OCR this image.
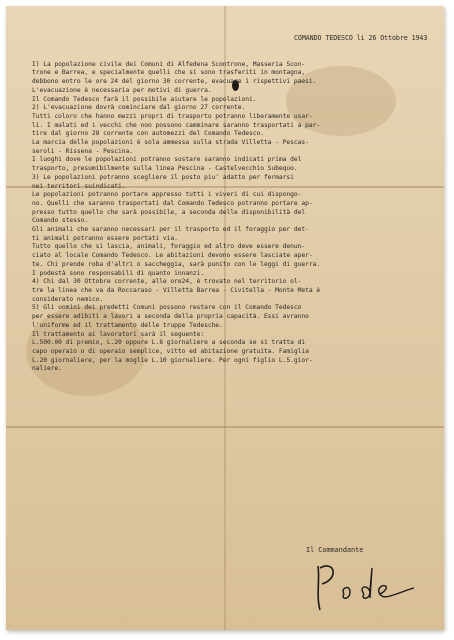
COMANDO TEDESCO li 26 Ottobre 1943
I) La popolazione civile dei Comuni di Alfedena Scontrone, Masseria Scon-
trone e Barrea, e specialmente quelli che si sono trasferiti in montagna,
debbono entro le ore 24 del giorno 30 corrente, evacuare i rispettivi paesi.
L'evacuazione è necessaria per motivi di guerra.
Il Comando Tedesco farà il possibile aiutare le popolazioni.
2) L'evacuazione dovrà cominciare dal giorno 27 corrente.
Tutti coloro che hanno mezzi propri di trasporto potranno liberamente usar-
li. I malati ed i vecchi che non possono camminare saranno trasportati a par-
tire dal giorno 28 corrente con automezzi del Comando Tedesco.
La marcia delle popolazioni è sola ammessa sulla strada Villetta - Pescas-
seroli - Rissena - Pescina.
I luoghi dove le popolazioni potranno sostare saranno indicati prima del
trasporto, presumibilmente sulla linea Pescina - Castelvecchio Subequo.
3) Le popolazioni potranno scegliere il posto piu' adatto per fermarsi
nei territori suindicati.
Le popolazioni potranno portare appresso tutti i viveri di cui dispongo-
no. Quelli che saranno trasportati dal Comando Tedesco potranno portare ap-
presso tutto quello che sarà possibile, a seconda delle disponibilità del
Comando stesso.
Gli animali che saranno necessari per il trasporto ed il foraggio per det-
ti animali potranno essere portati via.
Tutto quello che si lascia, animali, foraggio ed altro deve essere denun-
ciato al locale Comando Tedesco. Le abitazioni devono essere lasciate aper-
te. Chi prende roba d'altri o saccheggia, sarà punito con le leggi di guerra.
I podestà sono responsabili di quanto innanzi.
4) Chi dal 30 Ottobre corrente, alle ore24, è trovato nel territorio ol-
tre la linea che va da Roccaraso - Villetta Barrea - Civitella - Monte Meta è
considerato nemico.
5) Gli uomini dei predetti Comuni possono restare con il Comando Tedesco
per essere adibiti a lavori a seconda della propria capacità. Essi avranno
l'uniforme ed il trattamento delle truppe Tedesche.
Il trattamento ai lavoratori sarà il seguente:
L.500.00 di premio, L.20 oppure L.8 giornaliere a seconda se si tratta di
capo operaio o di operaio semplice, vitto ed abitazione gratuita. Famiglia
L.20 giornaliere, per la moglie L.10 giornaliere. Per ogni figlio L.5.gior-
naliere.
Il Commandante
